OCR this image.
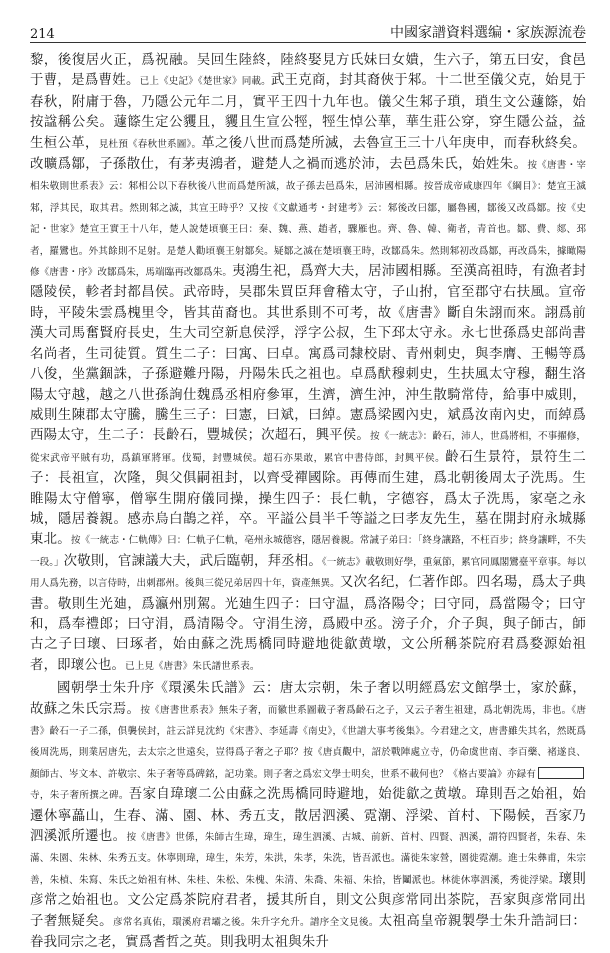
214	中國家譜資料選编・家族源流卷

黎，後復居火正，爲祝融。吴回生陸終，陸終娶見方氏妹曰女嬇，生六子，第五曰安，食邑于曹，是爲曹姓。已上《史記》《楚世家》同載。武王克商，封其裔俠于邾。十二世至儀父克，始見于春秋，附庸于魯，乃隱公元年二月，實平王四十九年也。儀父生邾子瑣，瑣生文公蘧篨，始按諡稱公矣。蘧篨生定公貜且，貜且生宣公牼，牼生悼公華，華生莊公穿，穿生隱公益，益生桓公革，見杜預《春秋世系圖》。革之後八世而爲楚所滅，去魯宣王三十八年庚申，而春秋終矣。改曠爲鄒，子孫散仕，有茅夷鴻者，避楚人之禍而逃於沛，去邑爲朱氏，始姓朱。按《唐書・宰相朱敬則世系表》云：邾相公以下春秋後八世而爲楚所滅，故子孫去邑爲朱，居沛國相縣。按晉成帝咸康四年《綱目》：楚宣王滅邾，浮其民，取其君。然則邾之滅，其宣王時乎？又按《文獻通考・封建考》云：邾後改曰鄒，屬魯國，鄒後又改爲鄒。按《史記・世家》楚宣王實王十八年，楚人說楚頃襄王曰：秦、魏、燕、趙者，驟雁也。齊、魯、韓、衛者，青首也。鄒、費、郯、邳者，羅鸞也。外其餘則不足射。是楚人勸頃襄王射鄒矣。疑鄒之滅在楚頃襄王時，改鄒爲朱。然則邾初改爲鄒，再改爲朱，據瞰陽修《唐書・序》改鄒爲朱，馬端臨再改鄒爲朱。夷鴻生祀，爲齊大夫，居沛國相縣。至漢高祖時，有漁者封隱陵侯，軫者封都昌侯。武帝時，吴郡朱買臣拜會稽太守，子山拊，官至郡守右扶風。宣帝時，平陵朱雲爲槐里令，皆其苗裔也。其世系則不可考，故《唐書》斷自朱詡而來。詡爲前漢大司馬奮賢府長史，生大司空新息侯浮，浮字公叔，生下邳太守永。永七世孫爲史部尚書名尚者，生司徒質。質生二子：曰寓、曰卓。寓爲司隸校尉、青州刺史，與李膺、王暢等爲八俊，坐黨錮誅，子孫避難丹陽，丹陽朱氏之祖也。卓爲䣭穆刺史，生扶風太守穆，翻生洛陽太守越，越之八世孫詢仕魏爲丞相府參軍，生濟，濟生沖，沖生散騎常侍，給事中威則，威則生陳郡太守騰，騰生三子：曰憲，曰斌，曰綽。憲爲梁國內史，斌爲汝南內史，而綽爲西陽太守，生二子：長齡石，豐城侯；次超石，興平侯。按《一統志》：齡石，沛人，世爲將相，不事擢修，從宋武帝平賊有功，爲鎮軍將軍。伐蜀，封豐城侯。超石亦果敢，累官中書侍郎，封興平侯。齡石生景符，景符生二子：長祖宣，次隆，與父俱嗣祖封，以齊受禪國除。再傳而生建，爲北朝後周太子洗馬。生睢陽太守僧寧，僧寧生開府儀同操，操生四子：長仁軌，字德容，爲太子洗馬，家亳之永城，隱居養親。感赤烏白鵲之祥，卒。平謚公員半千等謚之曰孝友先生，墓在開封府永城縣東北。按《一統志・仁軌傳》曰：仁軌子仁軌，亳州永城德容，隱居養親。常誡子弟曰：「終身讓路，不枉百步；終身讓畔，不失一段。」次敬則，官諫議大夫，武后臨朝，拜丞相。《一統志》載敬則好學，重氣節，累官同鳳閣鸞臺平章事。每以用人爲先務，以言侍時，出刺郡州。後與三從兄弟居四十年，資產無異。又次名纪，仁著作郎。四名瑒，爲太子典書。敬則生光廸，爲瀛州別駕。光廸生四子：曰守温，爲洛陽令；曰守同，爲當陽令；曰守和，爲奉禮郎；曰守涓，爲清陽令。守涓生滂，爲殿中丞。滂子介，介子與，與子師古，師古之子曰瓌、曰琢者，始由蘇之洗馬橋同時避地徙歙黄墩，文公所稱茶院府君爲婺源始祖者，即瓌公也。已上見《唐書》朱氏譜世系表。

國朝學士朱升序《環溪朱氏譜》云：唐太宗朝，朱子奢以明經爲宏文館學士，家於蘇，故蘇之朱氏宗焉。按《唐書世系表》無朱子奢，而徽世系圖載子奢爲齡石之子，又云子奢生祖建，爲北朝洗馬，非也。《唐書》齡石一子二孫，俱襲侯封，註云詳見沈約《宋書》、李延壽《南史》，《世譜大事考後集》。今君建之文，唐書雖失其名，然既爲後周洗馬，則業居唐先，去太宗之世遠矣，豈得爲子奢之子耶？按《唐貞觀中，詔於戰陣處立寺，仍命虞世南、李百藥、褚遂良、顏師古、岑文本、許敬宗、朱子奢等爲碑銘，記功業。則子奢之爲宏文學士明矣，世系不載何也？《格古要論》亦録有寺，朱子奢所撰之碑。吾家自瑋瓌二公由蘇之洗馬橋同時避地，始徙歙之黄墩。瑋則吾之始祖，始遷休寧藟山，生春、滿、園、林、秀五支，散居泗溪、霓潮、浮梁、首村、下陽候，吾家乃泗溪派所遷也。按《唐書》世係，朱師古生瑋，瑋生，瑋生泗溪、古城、前新、首村、四賢、泗溪，謂符四賢者，朱春、朱滿、朱園、朱林、朱秀五支。休寧則瑋，瑋生，朱芳，朱洪，朱孝，朱洗，皆吾派也。滿徙朱家營，園徙霓潮。進士朱彝甫，朱宗善，朱楨、朱寫、朱氏之始祖有林、朱桂、朱松、朱槐、朱清、朱喬、朱福、朱拾，皆鬮派也。林徙休寧泗溪，秀徙浮梁。瓌則彦常之始祖也。文公定爲茶院府君者，援其所自，則文公與彦常同出茶院，吾家與彦常同出子奢無疑矣。彦常名真佑，環溪府君壩之後。朱升字允升。譜序全文見後。太祖高皇帝親製學士朱升誥詞曰：眷我同宗之老，實爲耆哲之英。則我明太祖與朱升
